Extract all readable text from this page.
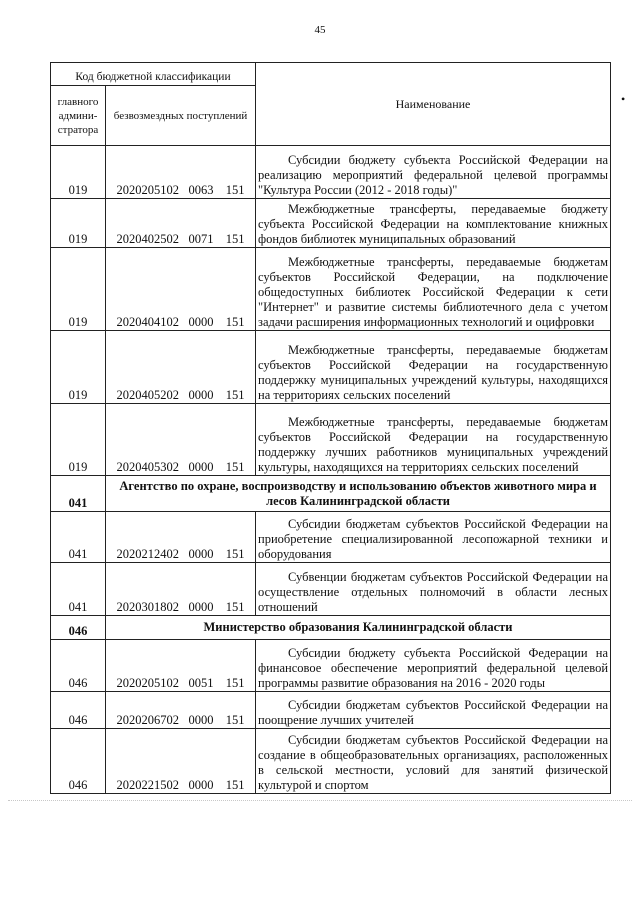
45
•
Код бюджетной классификации		Наименование
главного админи-стратора	безвозмездных поступлений	
019	2020205102 0063 151	Субсидии бюджету субъекта Российской Федерации на реализацию мероприятий федеральной целевой программы "Культура России (2012 - 2018 годы)"

019	2020402502 0071 151	Межбюджетные трансферты, передаваемые бюджету субъекта Российской Федерации на комплектование книжных фондов библиотек муниципальных образований

019	2020404102 0000 151	Межбюджетные трансферты, передаваемые бюджетам субъектов Российской Федерации, на подключение общедоступных библиотек Российской Федерации к сети "Интернет" и развитие системы библиотечного дела с учетом задачи расширения информационных технологий и оцифровки

019	2020405202 0000 151	Межбюджетные трансферты, передаваемые бюджетам субъектов Российской Федерации на государственную поддержку муниципальных учреждений культуры, находящихся на территориях сельских поселений

019	2020405302 0000 151	Межбюджетные трансферты, передаваемые бюджетам субъектов Российской Федерации на государственную поддержку лучших работников муниципальных учреждений культуры, находящихся на территориях сельских поселений

041	Агентство по охране, воспроизводству и использованию объектов животного мира и лесов Калининградской области	
041	2020212402 0000 151	Субсидии бюджетам субъектов Российской Федерации на приобретение специализированной лесопожарной техники и оборудования

041	2020301802 0000 151	Субвенции бюджетам субъектов Российской Федерации на осуществление отдельных полномочий в области лесных отношений

046	Министерство образования Калининградской области	
046	2020205102 0051 151	Субсидии бюджету субъекта Российской Федерации на финансовое обеспечение мероприятий федеральной целевой программы развитие образования на 2016 - 2020 годы

046	2020206702 0000 151	Субсидии бюджетам субъектов Российской Федерации на поощрение лучших учителей

046	2020221502 0000 151	Субсидии бюджетам субъектов Российской Федерации на создание в общеобразовательных организациях, расположенных в сельской местности, условий для занятий физической культурой и спортом
